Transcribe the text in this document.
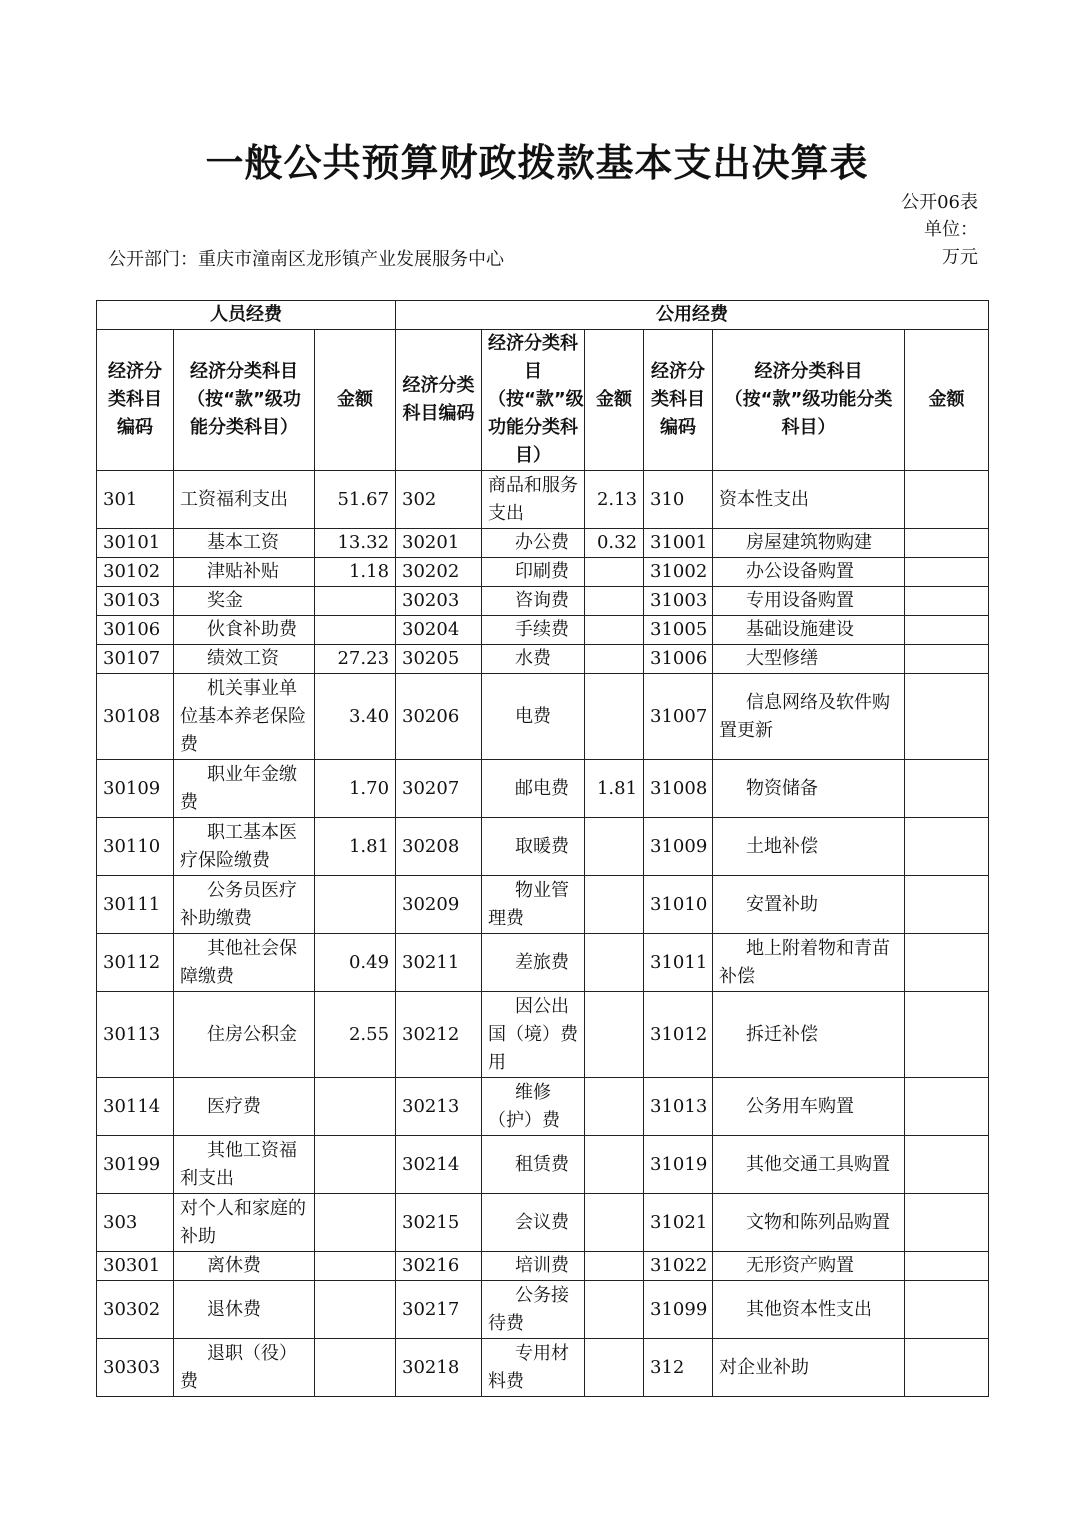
一般公共预算财政拨款基本支出决算表
公开06表
单位：万元
公开部门：重庆市潼南区龙形镇产业发展服务中心
人员经费			公用经费					
经济分类科目编码	经济分类科目（按“款”级功能分类科目）	金额	经济分类科目编码	经济分类科目（按“款”级功能分类科目）	金额	经济分类科目编码	经济分类科目（按“款”级功能分类科目）	金额
301	工资福利支出	51.67	302	商品和服务支出	2.13	310	资本性支出	
30101	基本工资	13.32	30201	办公费	0.32	31001	房屋建筑物购建	
30102	津贴补贴	1.18	30202	印刷费		31002	办公设备购置	
30103	奖金		30203	咨询费		31003	专用设备购置	
30106	伙食补助费		30204	手续费		31005	基础设施建设	
30107	绩效工资	27.23	30205	水费		31006	大型修缮	
30108	机关事业单位基本养老保险费	3.40	30206	电费		31007	信息网络及软件购置更新	
30109	职业年金缴费	1.70	30207	邮电费	1.81	31008	物资储备	
30110	职工基本医疗保险缴费	1.81	30208	取暖费		31009	土地补偿	
30111	公务员医疗补助缴费		30209	物业管理费		31010	安置补助	
30112	其他社会保障缴费	0.49	30211	差旅费		31011	地上附着物和青苗补偿	
30113	住房公积金	2.55	30212	因公出国（境）费用		31012	拆迁补偿	
30114	医疗费		30213	维修（护）费		31013	公务用车购置	
30199	其他工资福利支出		30214	租赁费		31019	其他交通工具购置	
303	对个人和家庭的补助		30215	会议费		31021	文物和陈列品购置	
30301	离休费		30216	培训费		31022	无形资产购置	
30302	退休费		30217	公务接待费		31099	其他资本性支出	
30303	退职（役）费		30218	专用材料费		312	对企业补助	
